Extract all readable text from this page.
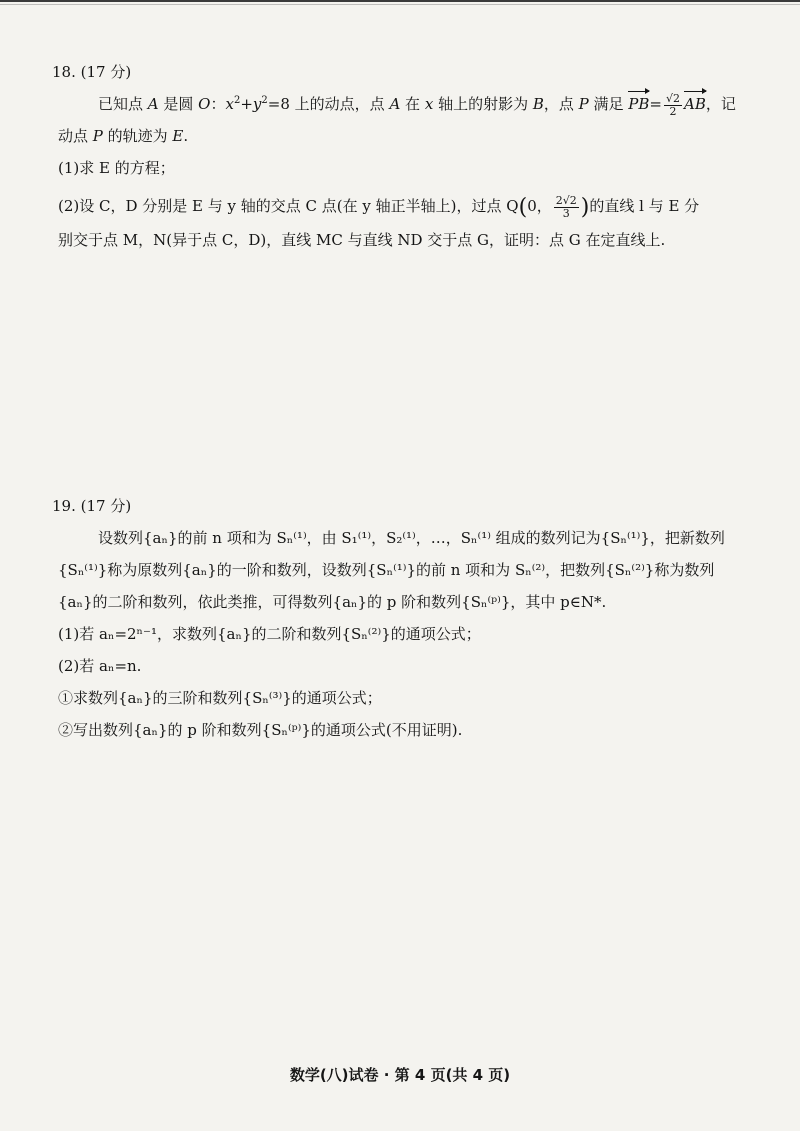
18. (17 分)
已知点 A 是圆 O：$x^2+y^2=8$ 上的动点，点 A 在 x 轴上的射影为 B，点 P 满足 $PB= \frac{√2}{2}$ AB，记
动点 P 的轨迹为 E.
(1)求 E 的方程；
(2)设 C，D 分别是 E 与 y 轴的交点 C 点(在 y 轴正半轴上)，过点 Q(0， $\frac{2√2}{3}$ )的直线 l 与 E 分
别交于点 M，N(异于点 C，D)，直线 MC 与直线 ND 交于点 G，证明：点 G 在定直线上.
19. (17 分)
设数列{aₙ}的前 n 项和为 Sₙ⁽¹⁾，由 S₁⁽¹⁾，S₂⁽¹⁾，…，Sₙ⁽¹⁾ 组成的数列记为{Sₙ⁽¹⁾}，把新数列
{Sₙ⁽¹⁾}称为原数列{aₙ}的一阶和数列，设数列{Sₙ⁽¹⁾}的前 n 项和为 Sₙ⁽²⁾，把数列{Sₙ⁽²⁾}称为数列
{aₙ}的二阶和数列，依此类推，可得数列{aₙ}的 p 阶和数列{Sₙ⁽ᵖ⁾}，其中 p∈N*.
(1)若 aₙ=2ⁿ⁻¹，求数列{aₙ}的二阶和数列{Sₙ⁽²⁾}的通项公式；
(2)若 aₙ=n.
①求数列{aₙ}的三阶和数列{Sₙ⁽³⁾}的通项公式；
②写出数列{aₙ}的 p 阶和数列{Sₙ⁽ᵖ⁾}的通项公式(不用证明).
数学(八)试卷 · 第 4 页(共 4 页)
